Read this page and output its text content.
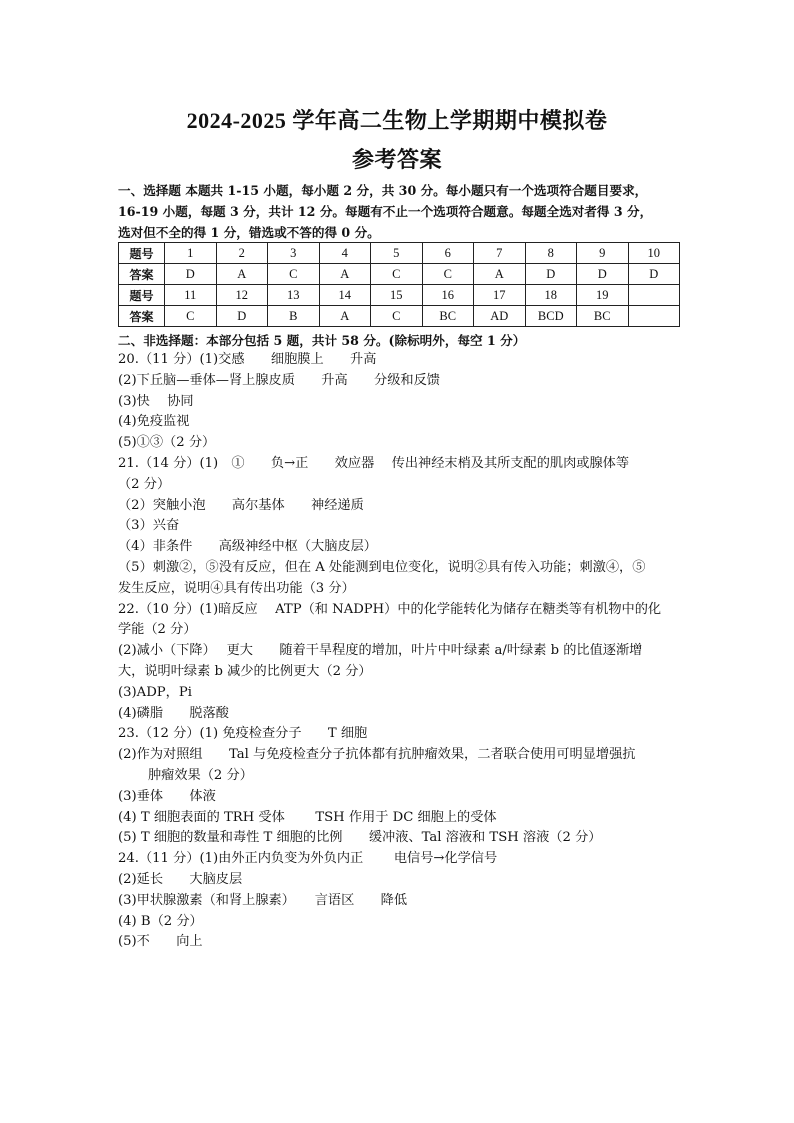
2024-2025 学年高二生物上学期期中模拟卷
参考答案

一、选择题 本题共 1-15 小题，每小题 2 分，共 30 分。每小题只有一个选项符合题目要求，

16-19 小题，每题 3 分，共计 12 分。每题有不止一个选项符合题意。每题全选对者得 3 分，

选对但不全的得 1 分，错选或不答的得 0 分。

题号	1	2	3	4	5	6	7	8	9	10
答案	D	A	C	A	C	C	A	D	D	D
题号	11	12	13	14	15	16	17	18	19	
答案	C	D	B	A	C	BC	AD	BCD	BC	
二、非选择题：本部分包括 5 题，共计 58 分。(除标明外，每空 1 分）
20.（11 分）(1)交感　　细胞膜上　　升高
(2)下丘脑—垂体—肾上腺皮质　　升高　　分级和反馈
(3)快　 协同
(4)免疫监视
(5)①③（2 分）
21.（14 分）(1)　①　　负→正　　效应器　 传出神经末梢及其所支配的肌肉或腺体等
（2 分）
（2）突触小泡　　高尔基体　　神经递质
（3）兴奋
（4）非条件　　高级神经中枢（大脑皮层）
（5）刺激②，⑤没有反应，但在 A 处能测到电位变化，说明②具有传入功能；刺激④，⑤
发生反应，说明④具有传出功能（3 分）
22.（10 分）(1)暗反应　 ATP（和 NADPH）中的化学能转化为储存在糖类等有机物中的化
学能（2 分）
(2)减小（下降）　 更大　　随着干旱程度的增加，叶片中叶绿素 a/叶绿素 b 的比值逐渐增
大，说明叶绿素 b 减少的比例更大（2 分）
(3)ADP，Pi
(4)磷脂　　脱落酸
23.（12 分）(1) 免疫检查分子　　T 细胞
(2)作为对照组　　Tal 与免疫检查分子抗体都有抗肿瘤效果，二者联合使用可明显增强抗
肿瘤效果（2 分）
(3)垂体　　体液
(4) T 细胞表面的 TRH 受体　　 TSH 作用于 DC 细胞上的受体
(5) T 细胞的数量和毒性 T 细胞的比例　　缓冲液、Tal 溶液和 TSH 溶液（2 分）
24.（11 分）(1)由外正内负变为外负内正　　 电信号→化学信号
(2)延长　　大脑皮层
(3)甲状腺激素（和肾上腺素）　　言语区　　降低
(4) B（2 分）
(5)不　　向上
